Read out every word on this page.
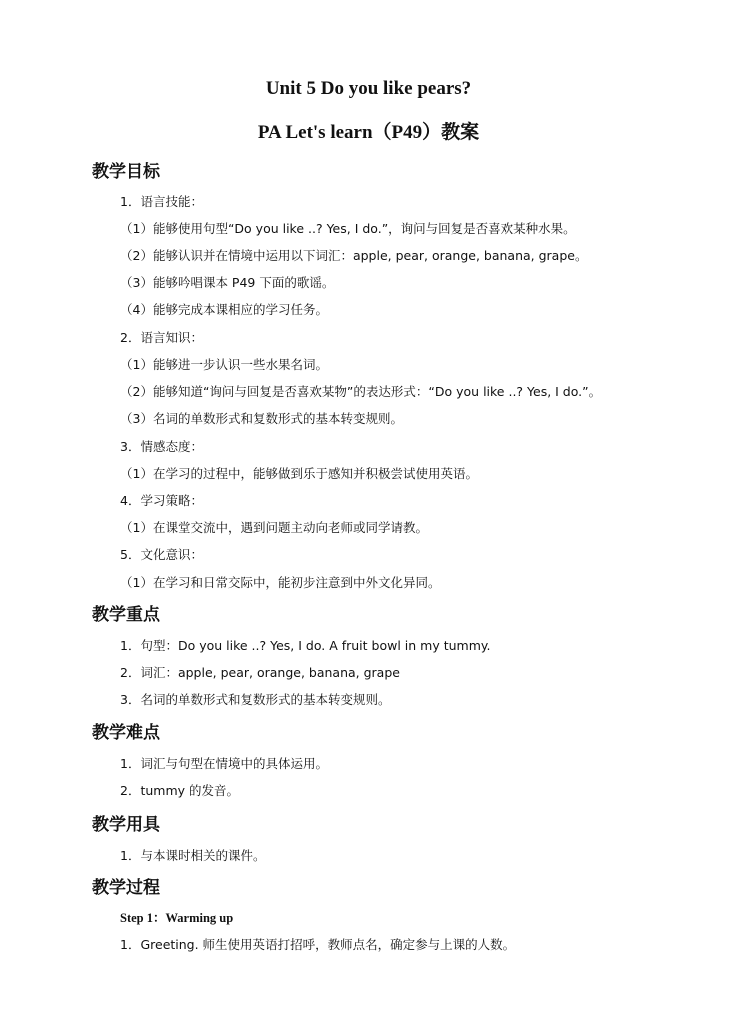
Unit 5 Do you like pears?
PA Let's learn（P49）教案
教学目标
1．语言技能：
（1）能够使用句型“Do you like ..? Yes, I do.”，询问与回复是否喜欢某种水果。
（2）能够认识并在情境中运用以下词汇：apple, pear, orange, banana, grape。
（3）能够吟唱课本 P49 下面的歌谣。
（4）能够完成本课相应的学习任务。
2．语言知识：
（1）能够进一步认识一些水果名词。
（2）能够知道“询问与回复是否喜欢某物”的表达形式：“Do you like ..? Yes, I do.”。
（3）名词的单数形式和复数形式的基本转变规则。
3．情感态度：
（1）在学习的过程中，能够做到乐于感知并积极尝试使用英语。
4．学习策略：
（1）在课堂交流中，遇到问题主动向老师或同学请教。
5．文化意识：
（1）在学习和日常交际中，能初步注意到中外文化异同。
教学重点
1．句型：Do you like ..? Yes, I do. A fruit bowl in my tummy.
2．词汇：apple, pear, orange, banana, grape
3．名词的单数形式和复数形式的基本转变规则。
教学难点
1．词汇与句型在情境中的具体运用。
2．tummy 的发音。
教学用具
1．与本课时相关的课件。
教学过程
Step 1：Warming up
1．Greeting. 师生使用英语打招呼，教师点名，确定参与上课的人数。
